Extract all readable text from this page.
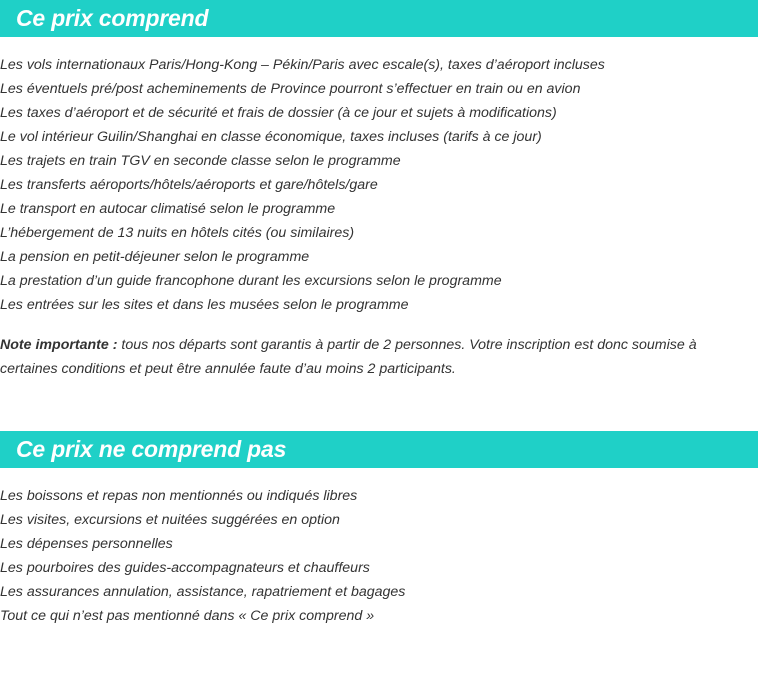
Ce prix comprend
Les vols internationaux Paris/Hong-Kong – Pékin/Paris avec escale(s), taxes d’aéroport incluses
Les éventuels pré/post acheminements de Province pourront s’effectuer en train ou en avion
Les taxes d’aéroport et de sécurité et frais de dossier (à ce jour et sujets à modifications)
Le vol intérieur Guilin/Shanghai en classe économique, taxes incluses (tarifs à ce jour)
Les trajets en train TGV en seconde classe selon le programme
Les transferts aéroports/hôtels/aéroports et gare/hôtels/gare
Le transport en autocar climatisé selon le programme
L’hébergement de 13 nuits en hôtels cités (ou similaires)
La pension en petit-déjeuner selon le programme
La prestation d’un guide francophone durant les excursions selon le programme
Les entrées sur les sites et dans les musées selon le programme

Note importante : tous nos départs sont garantis à partir de 2 personnes. Votre inscription est donc soumise à certaines conditions et peut être annulée faute d’au moins 2 participants.

Ce prix ne comprend pas
Les boissons et repas non mentionnés ou indiqués libres
Les visites, excursions et nuitées suggérées en option
Les dépenses personnelles
Les pourboires des guides-accompagnateurs et chauffeurs
Les assurances annulation, assistance, rapatriement et bagages
Tout ce qui n’est pas mentionné dans « Ce prix comprend »
